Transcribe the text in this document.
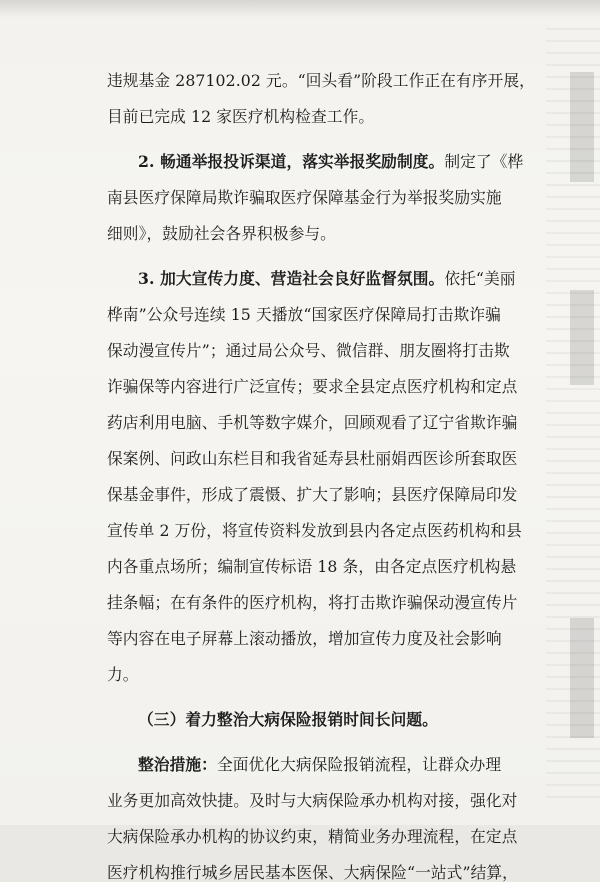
违规基金 287102.02 元。“回头看”阶段工作正在有序开展，
目前已完成 12 家医疗机构检查工作。
2. 畅通举报投诉渠道，落实举报奖励制度。制定了《桦
南县医疗保障局欺诈骗取医疗保障基金行为举报奖励实施
细则》，鼓励社会各界积极参与。
3. 加大宣传力度、营造社会良好监督氛围。依托“美丽
桦南”公众号连续 15 天播放“国家医疗保障局打击欺诈骗
保动漫宣传片”；通过局公众号、微信群、朋友圈将打击欺
诈骗保等内容进行广泛宣传；要求全县定点医疗机构和定点
药店利用电脑、手机等数字媒介，回顾观看了辽宁省欺诈骗
保案例、问政山东栏目和我省延寿县杜丽娟西医诊所套取医
保基金事件，形成了震慑、扩大了影响；县医疗保障局印发
宣传单 2 万份，将宣传资料发放到县内各定点医药机构和县
内各重点场所；编制宣传标语 18 条，由各定点医疗机构悬
挂条幅；在有条件的医疗机构，将打击欺诈骗保动漫宣传片
等内容在电子屏幕上滚动播放，增加宣传力度及社会影响
力。
（三）着力整治大病保险报销时间长问题。
整治措施：全面优化大病保险报销流程，让群众办理
业务更加高效快捷。及时与大病保险承办机构对接，强化对
大病保险承办机构的协议约束，精简业务办理流程，在定点
医疗机构推行城乡居民基本医保、大病保险“一站式”结算，
